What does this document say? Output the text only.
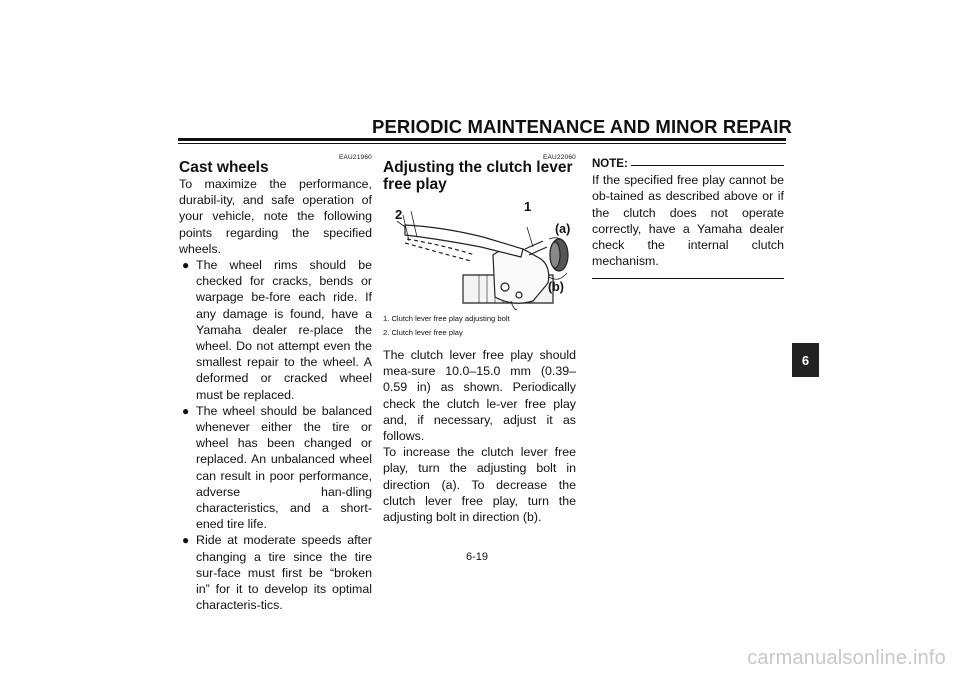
PERIODIC MAINTENANCE AND MINOR REPAIR
EAU21960
Cast wheels

To maximize the performance, durabil-ity, and safe operation of your vehicle, note the following points regarding the specified wheels.

● The wheel rims should be checked for cracks, bends or warpage be-fore each ride. If any damage is found, have a Yamaha dealer re-place the wheel. Do not attempt even the smallest repair to the wheel. A deformed or cracked wheel must be replaced.
● The wheel should be balanced whenever either the tire or wheel has been changed or replaced. An unbalanced wheel can result in poor performance, adverse han-dling characteristics, and a short-ened tire life.
● Ride at moderate speeds after changing a tire since the tire sur-face must first be “broken in” for it to develop its optimal characteris-tics.
EAU22060
Adjusting the clutch lever free play
2
1
(a)
(b)
1. Clutch lever free play adjusting bolt
2. Clutch lever free play

The clutch lever free play should mea-sure 10.0–15.0 mm (0.39–0.59 in) as shown. Periodically check the clutch le-ver free play and, if necessary, adjust it as follows.

To increase the clutch lever free play, turn the adjusting bolt in direction (a). To decrease the clutch lever free play, turn the adjusting bolt in direction (b).

NOTE:

If the specified free play cannot be ob-tained as described above or if the clutch does not operate correctly, have a Yamaha dealer check the internal clutch mechanism.

6
6-19
carmanualsonline.info
